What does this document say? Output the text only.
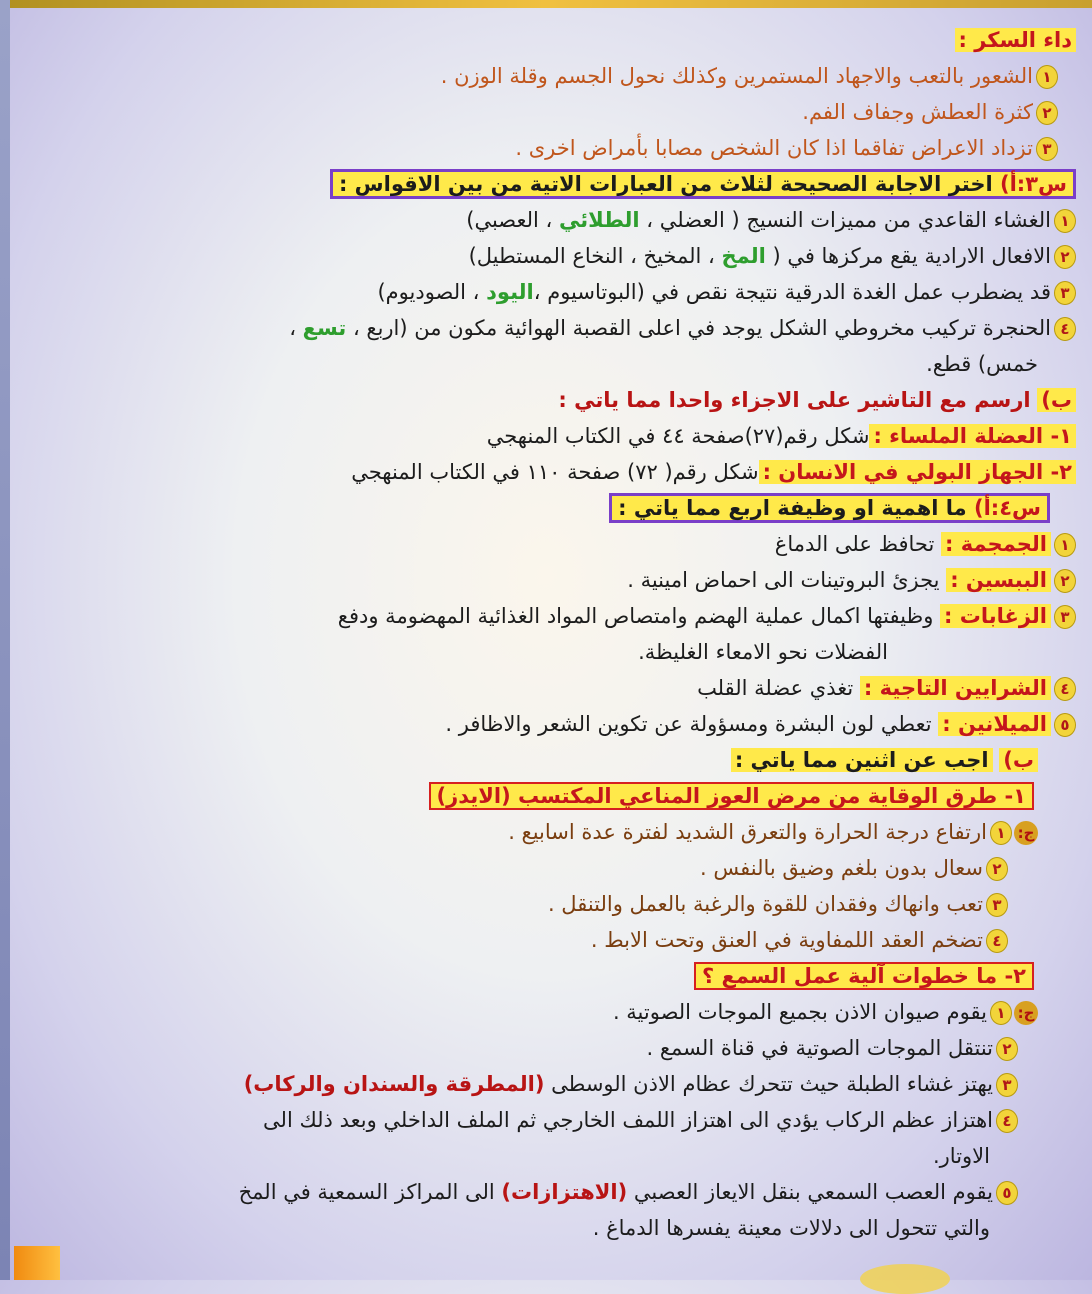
داء السكر :
١الشعور بالتعب والاجهاد المستمرين وكذلك نحول الجسم وقلة الوزن .
٢كثرة العطش وجفاف الفم.
٣تزداد الاعراض تفاقما اذا كان الشخص مصابا بأمراض اخرى .
س٣:أ) اختر الاجابة الصحيحة لثلاث من العبارات الاتية من بين الاقواس :
١الغشاء القاعدي من مميزات النسيج ( العضلي ، الطلائي ، العصبي)
٢الافعال الارادية يقع مركزها في ( المخ ، المخيخ ، النخاع المستطيل)
٣قد يضطرب عمل الغدة الدرقية نتيجة نقص في (البوتاسيوم ،اليود ، الصوديوم)
٤الحنجرة تركيب مخروطي الشكل يوجد في اعلى القصبة الهوائية مكون من (اربع ، تسع ،
خمس) قطع.
ب) ارسم مع التاشير على الاجزاء واحدا مما ياتي :
١- العضلة الملساء :شكل رقم(٢٧)صفحة ٤٤ في الكتاب المنهجي
٢- الجهاز البولي في الانسان :شكل رقم( ٧٢) صفحة ١١٠ في الكتاب المنهجي
س٤:أ) ما اهمية او وظيفة اربع مما ياتي :
١الجمجمة : تحافظ على الدماغ
٢الببسين : يجزئ البروتينات الى احماض امينية .
٣الزغابات : وظيفتها اكمال عملية الهضم وامتصاص المواد الغذائية المهضومة ودفع
الفضلات نحو الامعاء الغليظة.
٤الشرايين التاجية : تغذي عضلة القلب
٥الميلانين : تعطي لون البشرة ومسؤولة عن تكوين الشعر والاظافر .
ب) اجب عن اثنين مما ياتي :
١- طرق الوقاية من مرض العوز المناعي المكتسب (الايدز)
ج:١ارتفاع درجة الحرارة والتعرق الشديد لفترة عدة اسابيع .
٢سعال بدون بلغم وضيق بالنفس .
٣تعب وانهاك وفقدان للقوة والرغبة بالعمل والتنقل .
٤تضخم العقد اللمفاوية في العنق وتحت الابط .
٢- ما خطوات آلية عمل السمع ؟
ج:١يقوم صيوان الاذن بجميع الموجات الصوتية .
٢تنتقل الموجات الصوتية في قناة السمع .
٣يهتز غشاء الطبلة حيث تتحرك عظام الاذن الوسطى (المطرقة والسندان والركاب)
٤اهتزاز عظم الركاب يؤدي الى اهتزاز اللمف الخارجي ثم الملف الداخلي وبعد ذلك الى
الاوتار.
٥يقوم العصب السمعي بنقل الايعاز العصبي (الاهتزازات) الى المراكز السمعية في المخ
والتي تتحول الى دلالات معينة يفسرها الدماغ .
